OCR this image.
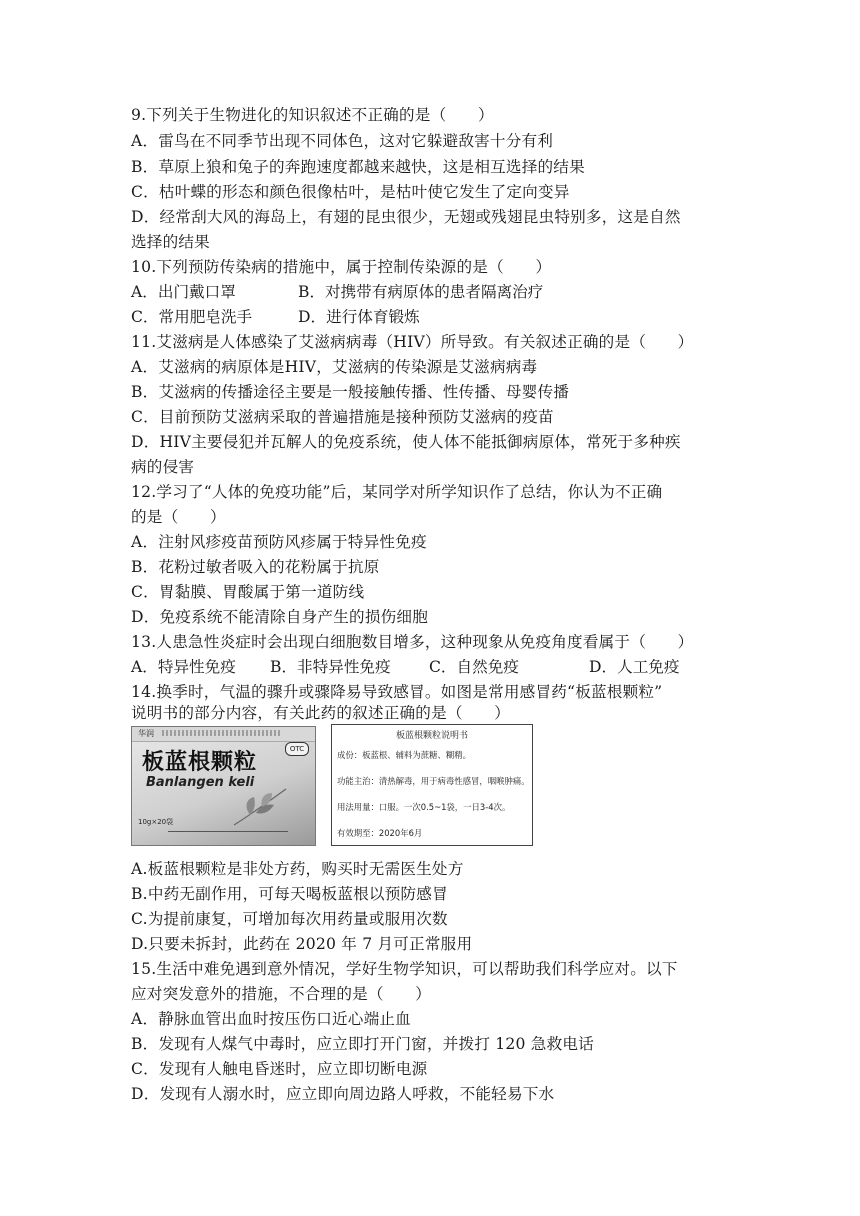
9.下列关于生物进化的知识叙述不正确的是（　　）
A．雷鸟在不同季节出现不同体色，这对它躲避敌害十分有利
B．草原上狼和兔子的奔跑速度都越来越快，这是相互选择的结果
C．枯叶蝶的形态和颜色很像枯叶，是枯叶使它发生了定向变异
D．经常刮大风的海岛上，有翅的昆虫很少，无翅或残翅昆虫特别多，这是自然
选择的结果
10.下列预防传染病的措施中，属于控制传染源的是（　　）
A．出门戴口罩	B．对携带有病原体的患者隔离治疗
C．常用肥皂洗手	D．进行体育锻炼
11.艾滋病是人体感染了艾滋病病毒（HIV）所导致。有关叙述正确的是（　　）
A．艾滋病的病原体是HIV，艾滋病的传染源是艾滋病病毒
B．艾滋病的传播途径主要是一般接触传播、性传播、母婴传播
C．目前预防艾滋病采取的普遍措施是接种预防艾滋病的疫苗
D．HIV主要侵犯并瓦解人的免疫系统，使人体不能抵御病原体，常死于多种疾
病的侵害
12.学习了“人体的免疫功能”后，某同学对所学知识作了总结，你认为不正确
的是（　　）
A．注射风疹疫苗预防风疹属于特异性免疫
B．花粉过敏者吸入的花粉属于抗原
C．胃黏膜、胃酸属于第一道防线
D．免疫系统不能清除自身产生的损伤细胞
13.人患急性炎症时会出现白细胞数目增多，这种现象从免疫角度看属于（　　）
A．特异性免疫 B．非特异性免疫 C．自然免疫	D．人工免疫
14.换季时，气温的骤升或骤降易导致感冒。如图是常用感冒药“板蓝根颗粒”
说明书的部分内容，有关此药的叙述正确的是（　　）
华润
OTC
板蓝根颗粒
Banlangen keli
10g×20袋
板蓝根颗粒说明书
成份：板蓝根、辅料为蔗糖、糊精。
功能主治：清热解毒，用于病毒性感冒，咽喉肿痛。
用法用量：口服。一次0.5~1袋，一日3-4次。
有效期至：2020年6月
A.板蓝根颗粒是非处方药，购买时无需医生处方
B.中药无副作用，可每天喝板蓝根以预防感冒
C.为提前康复，可增加每次用药量或服用次数
D.只要未拆封，此药在 2020 年 7 月可正常服用
15.生活中难免遇到意外情况，学好生物学知识，可以帮助我们科学应对。以下
应对突发意外的措施，不合理的是（　　）
A．静脉血管出血时按压伤口近心端止血
B．发现有人煤气中毒时，应立即打开门窗，并拨打 120 急救电话
C．发现有人触电昏迷时，应立即切断电源
D．发现有人溺水时，应立即向周边路人呼救，不能轻易下水
